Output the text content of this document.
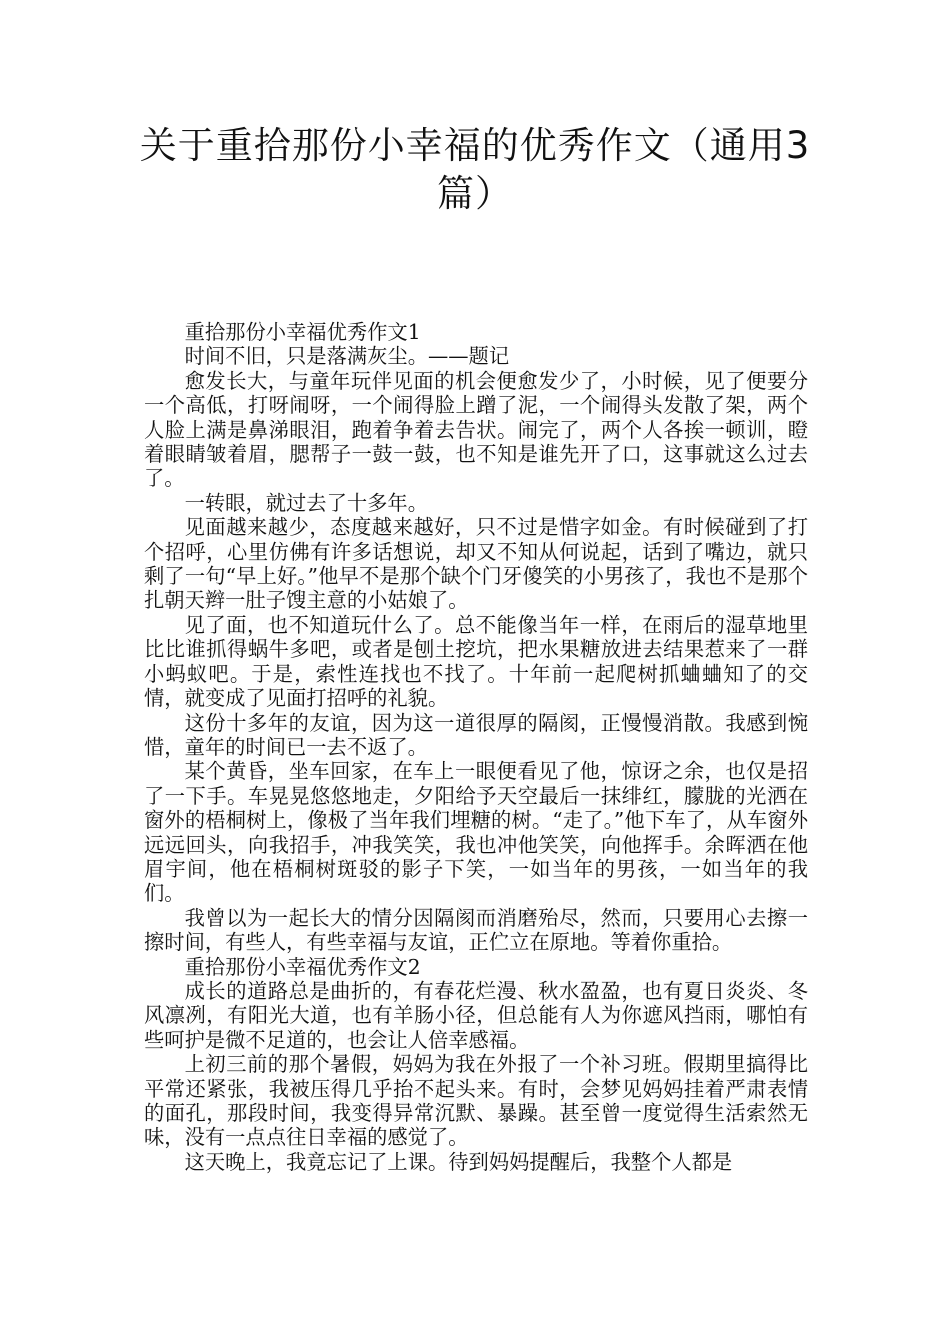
关于重拾那份小幸福的优秀作文（通用3篇）

重拾那份小幸福优秀作文1

时间不旧，只是落满灰尘。——题记

愈发长大，与童年玩伴见面的机会便愈发少了，小时候，见了便要分一个高低，打呀闹呀，一个闹得脸上蹭了泥，一个闹得头发散了架，两个人脸上满是鼻涕眼泪，跑着争着去告状。闹完了，两个人各挨一顿训，瞪着眼睛皱着眉，腮帮子一鼓一鼓，也不知是谁先开了口，这事就这么过去了。

一转眼，就过去了十多年。

见面越来越少，态度越来越好，只不过是惜字如金。有时候碰到了打个招呼，心里仿佛有许多话想说，却又不知从何说起，话到了嘴边，就只剩了一句“早上好。”他早不是那个缺个门牙傻笑的小男孩了，我也不是那个扎朝天辫一肚子馊主意的小姑娘了。

见了面，也不知道玩什么了。总不能像当年一样，在雨后的湿草地里比比谁抓得蜗牛多吧，或者是刨土挖坑，把水果糖放进去结果惹来了一群小蚂蚁吧。于是，索性连找也不找了。十年前一起爬树抓蛐蛐知了的交情，就变成了见面打招呼的礼貌。

这份十多年的友谊，因为这一道很厚的隔阂，正慢慢消散。我感到惋惜，童年的时间已一去不返了。

某个黄昏，坐车回家，在车上一眼便看见了他，惊讶之余，也仅是招了一下手。车晃晃悠悠地走，夕阳给予天空最后一抹绯红，朦胧的光洒在窗外的梧桐树上，像极了当年我们埋糖的树。“走了。”他下车了，从车窗外远远回头，向我招手，冲我笑笑，我也冲他笑笑，向他挥手。余晖洒在他眉宇间，他在梧桐树斑驳的影子下笑，一如当年的男孩，一如当年的我们。

我曾以为一起长大的情分因隔阂而消磨殆尽，然而，只要用心去擦一擦时间，有些人，有些幸福与友谊，正伫立在原地。等着你重拾。

重拾那份小幸福优秀作文2

成长的道路总是曲折的，有春花烂漫、秋水盈盈，也有夏日炎炎、冬风凛冽，有阳光大道，也有羊肠小径，但总能有人为你遮风挡雨，哪怕有些呵护是微不足道的，也会让人倍幸感福。

上初三前的那个暑假，妈妈为我在外报了一个补习班。假期里搞得比平常还紧张，我被压得几乎抬不起头来。有时，会梦见妈妈挂着严肃表情的面孔，那段时间，我变得异常沉默、暴躁。甚至曾一度觉得生活索然无味，没有一点点往日幸福的感觉了。

这天晚上，我竟忘记了上课。待到妈妈提醒后，我整个人都是
